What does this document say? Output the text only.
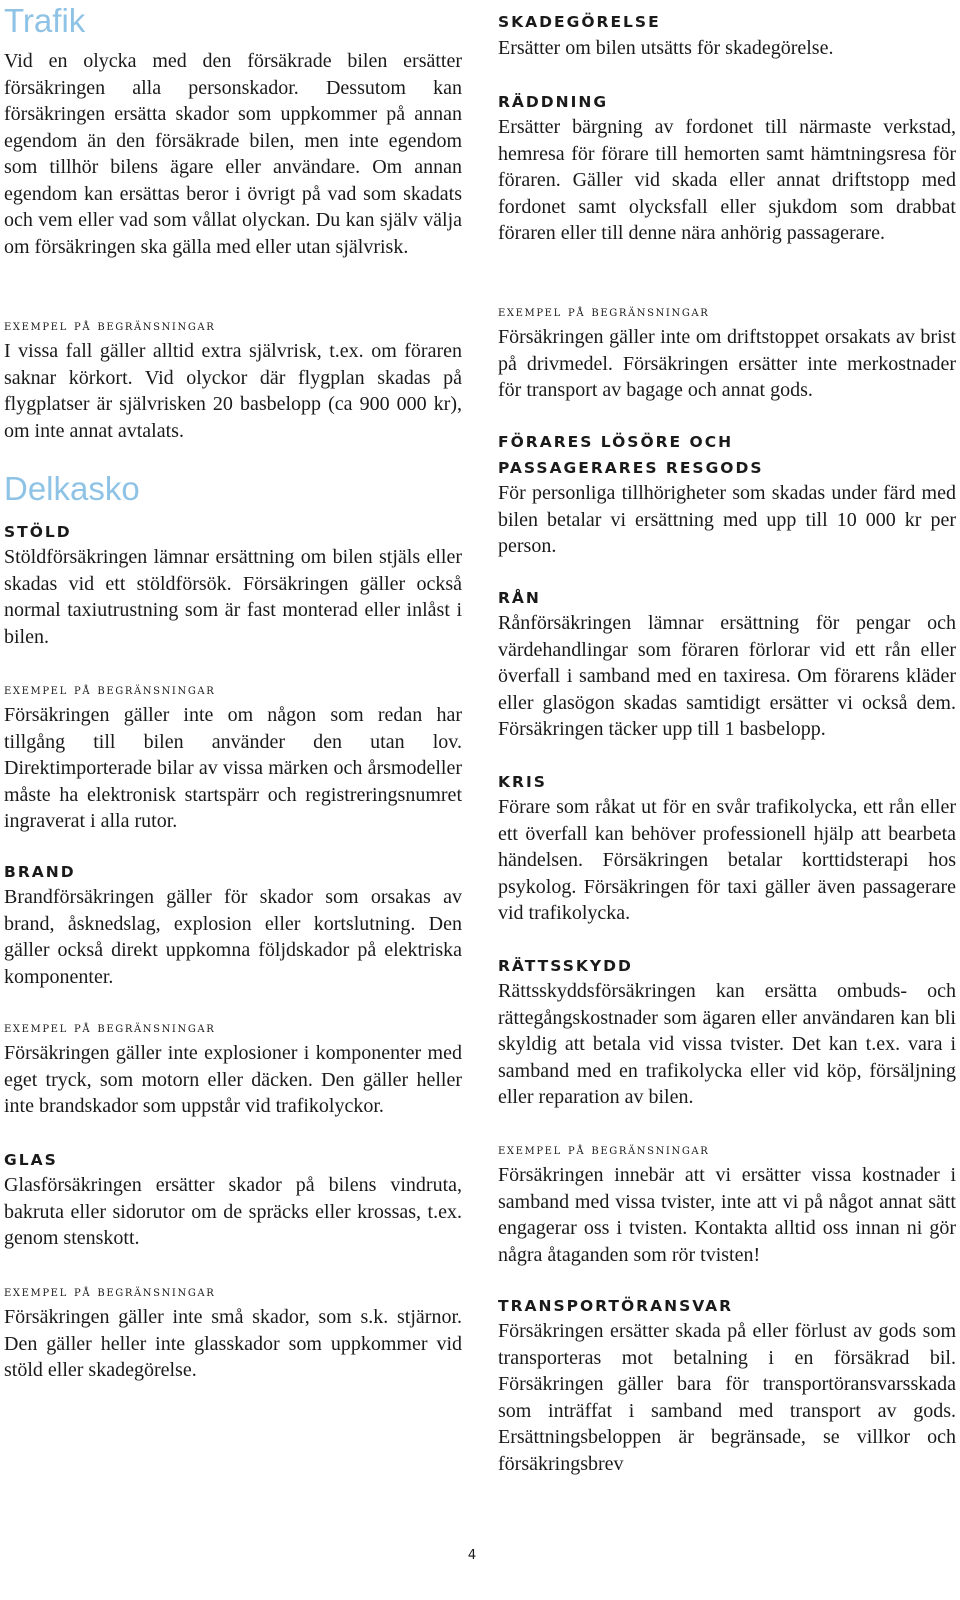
Trafik

Vid en olycka med den försäkrade bilen ersätter försäkringen alla personskador. Dessutom kan försäkringen ersätta skador som uppkommer på annan egendom än den försäkrade bilen, men inte egendom som tillhör bilens ägare eller användare. Om annan egendom kan ersättas beror i övrigt på vad som skadats och vem eller vad som vållat olyckan. Du kan själv välja om försäkringen ska gälla med eller utan självrisk.

exempel på begränsningar

I vissa fall gäller alltid extra självrisk, t.ex. om föraren saknar körkort. Vid olyckor där flygplan skadas på flygplatser är självrisken 20 basbelopp (ca 900 000 kr), om inte annat avtalats.

Delkasko

STÖLD

Stöldförsäkringen lämnar ersättning om bilen stjäls eller skadas vid ett stöldförsök. Försäkringen gäller också normal taxiutrustning som är fast monterad eller inlåst i bilen.

exempel på begränsningar

Försäkringen gäller inte om någon som redan har tillgång till bilen använder den utan lov. Direktimporterade bilar av vissa märken och årsmodeller måste ha elektronisk startspärr och registreringsnumret ingraverat i alla rutor.

BRAND

Brandförsäkringen gäller för skador som orsakas av brand, åsknedslag, explosion eller kortslutning. Den gäller också direkt uppkomna följdskador på elektriska komponenter.

exempel på begränsningar

Försäkringen gäller inte explosioner i komponenter med eget tryck, som motorn eller däcken. Den gäller heller inte brandskador som uppstår vid trafikolyckor.

GLAS

Glasförsäkringen ersätter skador på bilens vindruta, bakruta eller sidorutor om de spräcks eller krossas, t.ex. genom stenskott.

exempel på begränsningar

Försäkringen gäller inte små skador, som s.k. stjärnor. Den gäller heller inte glasskador som uppkommer vid stöld eller skadegörelse.

SKADEGÖRELSE

Ersätter om bilen utsätts för skadegörelse.

RÄDDNING

Ersätter bärgning av fordonet till närmaste verkstad, hemresa för förare till hemorten samt hämtningsresa för föraren. Gäller vid skada eller annat driftstopp med fordonet samt olycksfall eller sjukdom som drabbat föraren eller till denne nära anhörig passagerare.

exempel på begränsningar

Försäkringen gäller inte om driftstoppet orsakats av brist på drivmedel. Försäkringen ersätter inte merkostnader för transport av bagage och annat gods.

FÖRARES LÖSÖRE OCH

PASSAGERARES RESGODS

För personliga tillhörigheter som skadas under färd med bilen betalar vi ersättning med upp till 10 000 kr per person.

RÅN

Rånförsäkringen lämnar ersättning för pengar och värdehandlingar som föraren förlorar vid ett rån eller överfall i samband med en taxiresa. Om förarens kläder eller glasögon skadas samtidigt ersätter vi också dem. Försäkringen täcker upp till 1 basbelopp.

KRIS

Förare som råkat ut för en svår trafikolycka, ett rån eller ett överfall kan behöver professionell hjälp att bearbeta händelsen. Försäkringen betalar korttidsterapi hos psykolog. Försäkringen för taxi gäller även passagerare vid trafikolycka.

RÄTTSSKYDD

Rättsskyddsförsäkringen kan ersätta ombuds- och rättegångskostnader som ägaren eller användaren kan bli skyldig att betala vid vissa tvister. Det kan t.ex. vara i samband med en trafikolycka eller vid köp, försäljning eller reparation av bilen.

exempel på begränsningar

Försäkringen innebär att vi ersätter vissa kostnader i samband med vissa tvister, inte att vi på något annat sätt engagerar oss i tvisten. Kontakta alltid oss innan ni gör några åtaganden som rör tvisten!

TRANSPORTÖRANSVAR

Försäkringen ersätter skada på eller förlust av gods som transporteras mot betalning i en försäkrad bil. Försäkringen gäller bara för transportöransvarsskada som inträffat i samband med transport av gods. Ersättningsbeloppen är begränsade, se villkor och försäkringsbrev

4
